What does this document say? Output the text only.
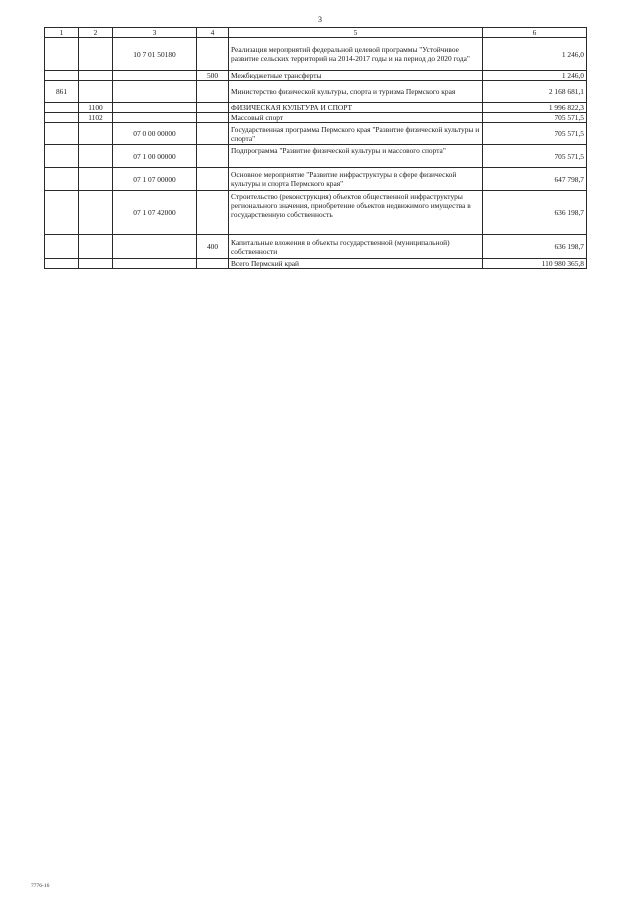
3
1	2	3	4	5	6
		10 7 01 50180		Реализация мероприятий федеральной целевой программы "Устойчивое развитие сельских территорий на 2014-2017 годы и на период до 2020 года"	1 246,0
			500	Межбюджетные трансферты	1 246,0
861				Министерство физической культуры, спорта и туризма Пермского края	2 168 681,1
	1100			ФИЗИЧЕСКАЯ КУЛЬТУРА И СПОРТ	1 996 822,3
	1102			Массовый спорт	705 571,5
		07 0 00 00000		Государственная программа Пермского края "Развитие физической культуры и спорта"	705 571,5
		07 1 00 00000		Подпрограмма "Развитие физической культуры и массового спорта"	705 571,5
		07 1 07 00000		Основное мероприятие "Развитие инфраструктуры в сфере физической культуры и спорта Пермского края"	647 798,7
		07 1 07 42000		Строительство (реконструкция) объектов общественной инфраструктуры регионального значения, приобретение объектов недвижимого имущества в государственную собственность	636 198,7
			400	Капитальные вложения в объекты государственной (муниципальной) собственности	636 198,7
				Всего Пермский край	110 980 365,8
7776-16
